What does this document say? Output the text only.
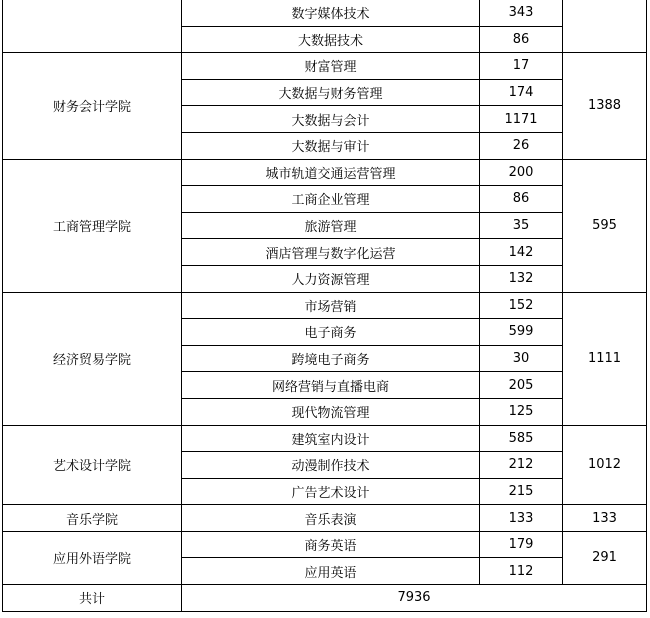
	数字媒体技术	343	
	大数据技术	86	
财务会计学院	财富管理	17	1388
	大数据与财务管理	174	
	大数据与会计	1171	
	大数据与审计	26	
工商管理学院	城市轨道交通运营管理	200	595
	工商企业管理	86	
	旅游管理	35	
	酒店管理与数字化运营	142	
	人力资源管理	132	
经济贸易学院	市场营销	152	1111
	电子商务	599	
	跨境电子商务	30	
	网络营销与直播电商	205	
	现代物流管理	125	
艺术设计学院	建筑室内设计	585	1012
	动漫制作技术	212	
	广告艺术设计	215	
音乐学院	音乐表演	133	133
应用外语学院	商务英语	179	291
	应用英语	112	
共计	7936		
